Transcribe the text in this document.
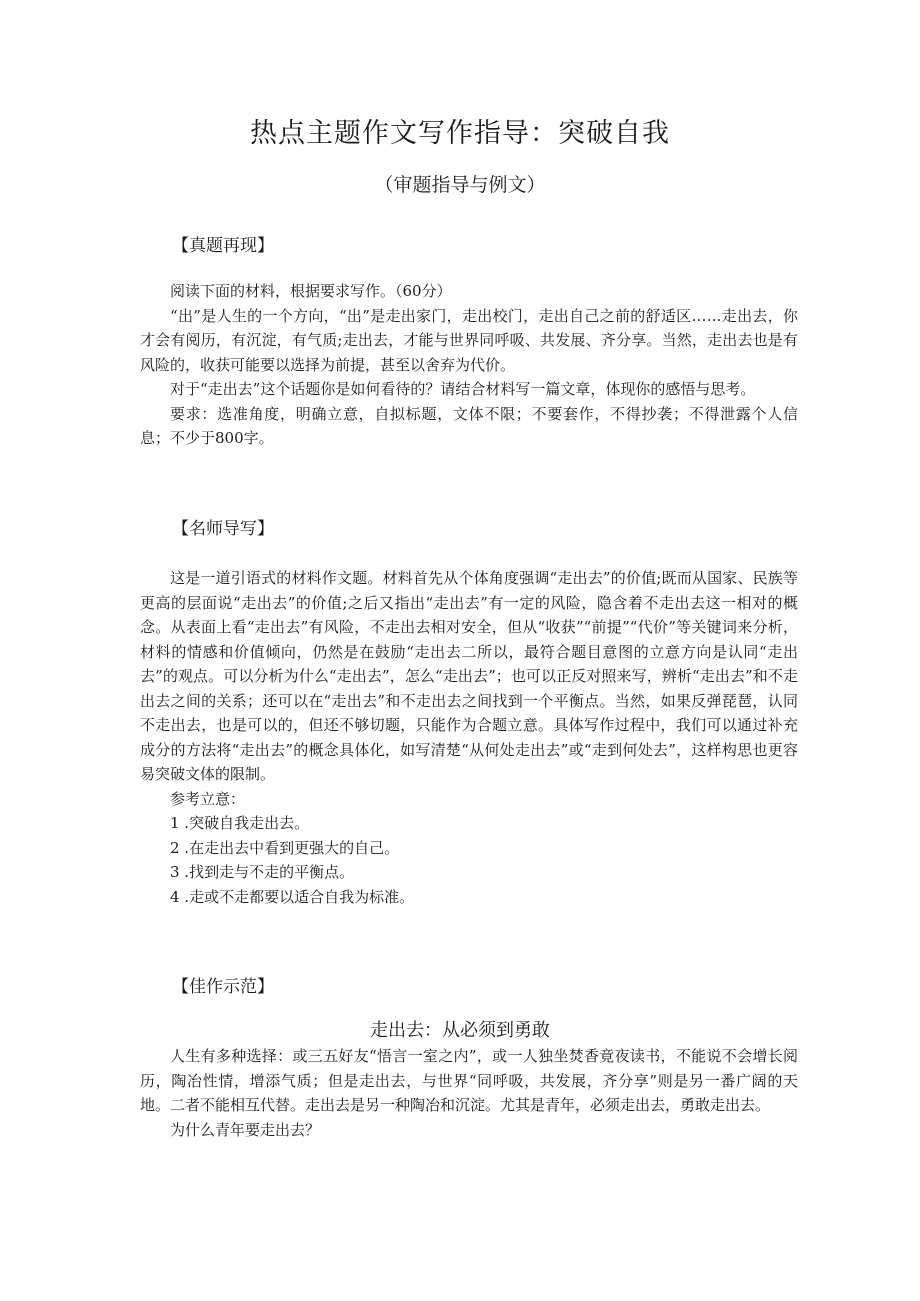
热点主题作文写作指导：突破自我
（审题指导与例文）
【真题再现】

阅读下面的材料，根据要求写作。（60分）

“出”是人生的一个方向，“出”是走出家门，走出校门，走出自己之前的舒适区……走出去，你才会有阅历，有沉淀，有气质;走出去，才能与世界同呼吸、共发展、齐分享。当然，走出去也是有风险的，收获可能要以选择为前提，甚至以舍弃为代价。

对于“走出去”这个话题你是如何看待的？请结合材料写一篇文章，体现你的感悟与思考。

要求：选准角度，明确立意，自拟标题，文体不限；不要套作，不得抄袭；不得泄露个人信息；不少于800字。

【名师导写】

这是一道引语式的材料作文题。材料首先从个体角度强调“走出去”的价值;既而从国家、民族等更高的层面说“走出去”的价值;之后又指出“走出去”有一定的风险，隐含着不走出去这一相对的概念。从表面上看“走出去”有风险，不走出去相对安全，但从“收获”“前提”“代价”等关键词来分析，材料的情感和价值倾向，仍然是在鼓励“走出去二所以，最符合题目意图的立意方向是认同“走出去”的观点。可以分析为什么“走出去”，怎么“走出去”；也可以正反对照来写，辨析“走出去”和不走出去之间的关系；还可以在“走出去”和不走出去之间找到一个平衡点。当然，如果反弹琵琶，认同不走出去，也是可以的，但还不够切题，只能作为合题立意。具体写作过程中，我们可以通过补充成分的方法将“走出去”的概念具体化，如写清楚“从何处走出去”或“走到何处去”，这样构思也更容易突破文体的限制。

参考立意：

1 .突破自我走出去。
2 .在走出去中看到更强大的自己。
3 .找到走与不走的平衡点。
4 .走或不走都要以适合自我为标准。
【佳作示范】
走出去：从必须到勇敢

人生有多种选择：或三五好友“悟言一室之内”，或一人独坐焚香竟夜读书，不能说不会增长阅历，陶冶性情，增添气质；但是走出去，与世界“同呼吸，共发展，齐分享”则是另一番广阔的天地。二者不能相互代替。走出去是另一种陶冶和沉淀。尤其是青年，必须走出去，勇敢走出去。

为什么青年要走出去？
